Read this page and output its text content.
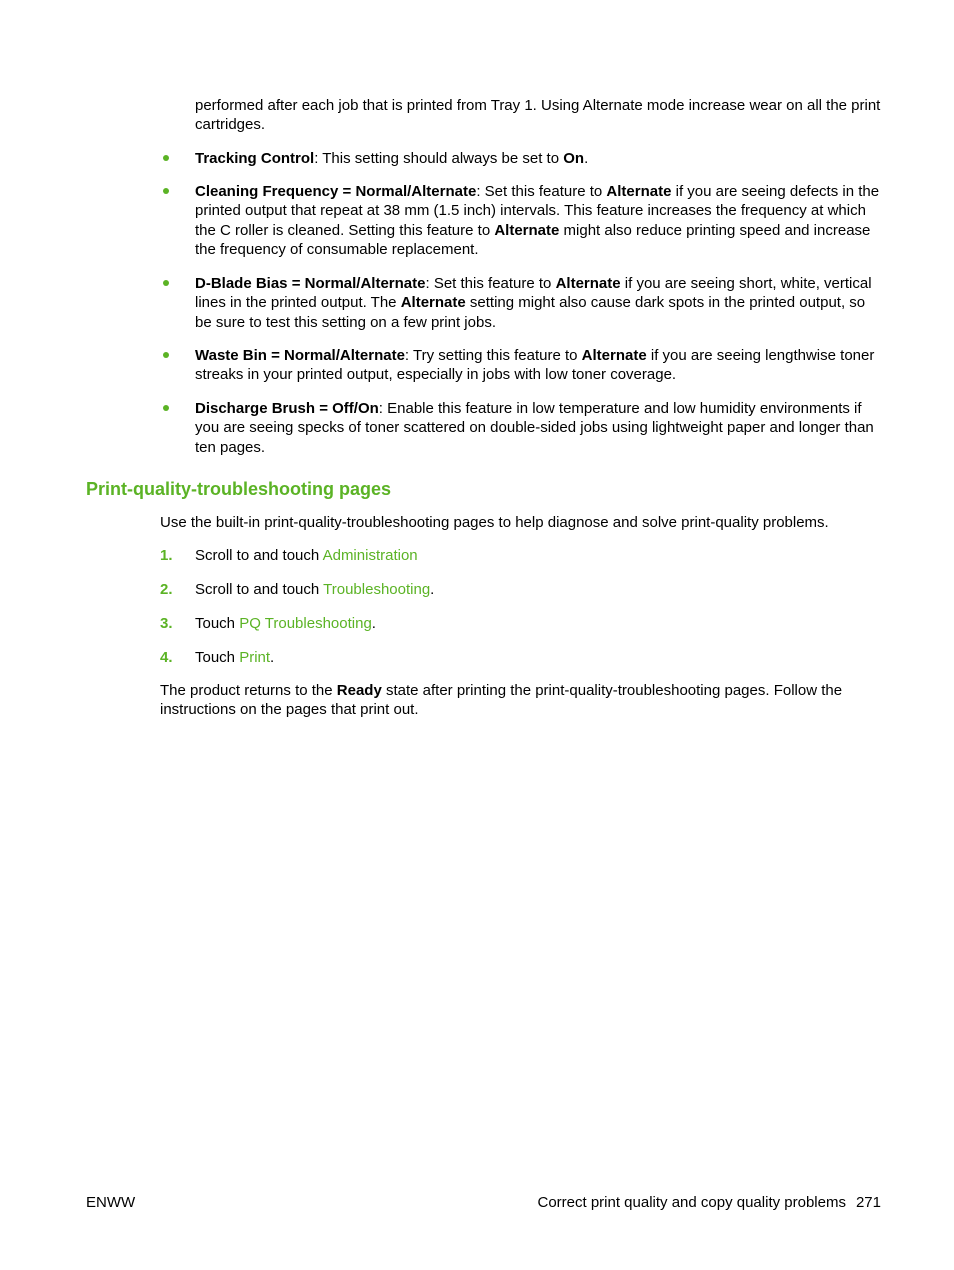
performed after each job that is printed from Tray 1. Using Alternate mode increase wear on all the print cartridges.

Tracking Control: This setting should always be set to On.
Cleaning Frequency = Normal/Alternate: Set this feature to Alternate if you are seeing defects in the printed output that repeat at 38 mm (1.5 inch) intervals. This feature increases the frequency at which the C roller is cleaned. Setting this feature to Alternate might also reduce printing speed and increase the frequency of consumable replacement.
D-Blade Bias = Normal/Alternate: Set this feature to Alternate if you are seeing short, white, vertical lines in the printed output. The Alternate setting might also cause dark spots in the printed output, so be sure to test this setting on a few print jobs.
Waste Bin = Normal/Alternate: Try setting this feature to Alternate if you are seeing lengthwise toner streaks in your printed output, especially in jobs with low toner coverage.
Discharge Brush = Off/On: Enable this feature in low temperature and low humidity environments if you are seeing specks of toner scattered on double-sided jobs using lightweight paper and longer than ten pages.
Print-quality-troubleshooting pages

Use the built-in print-quality-troubleshooting pages to help diagnose and solve print-quality problems.

1. Scroll to and touch Administration
2. Scroll to and touch Troubleshooting.
3. Touch PQ Troubleshooting.
4. Touch Print.

The product returns to the Ready state after printing the print-quality-troubleshooting pages. Follow the instructions on the pages that print out.

ENWW	Correct print quality and copy quality problems 271
